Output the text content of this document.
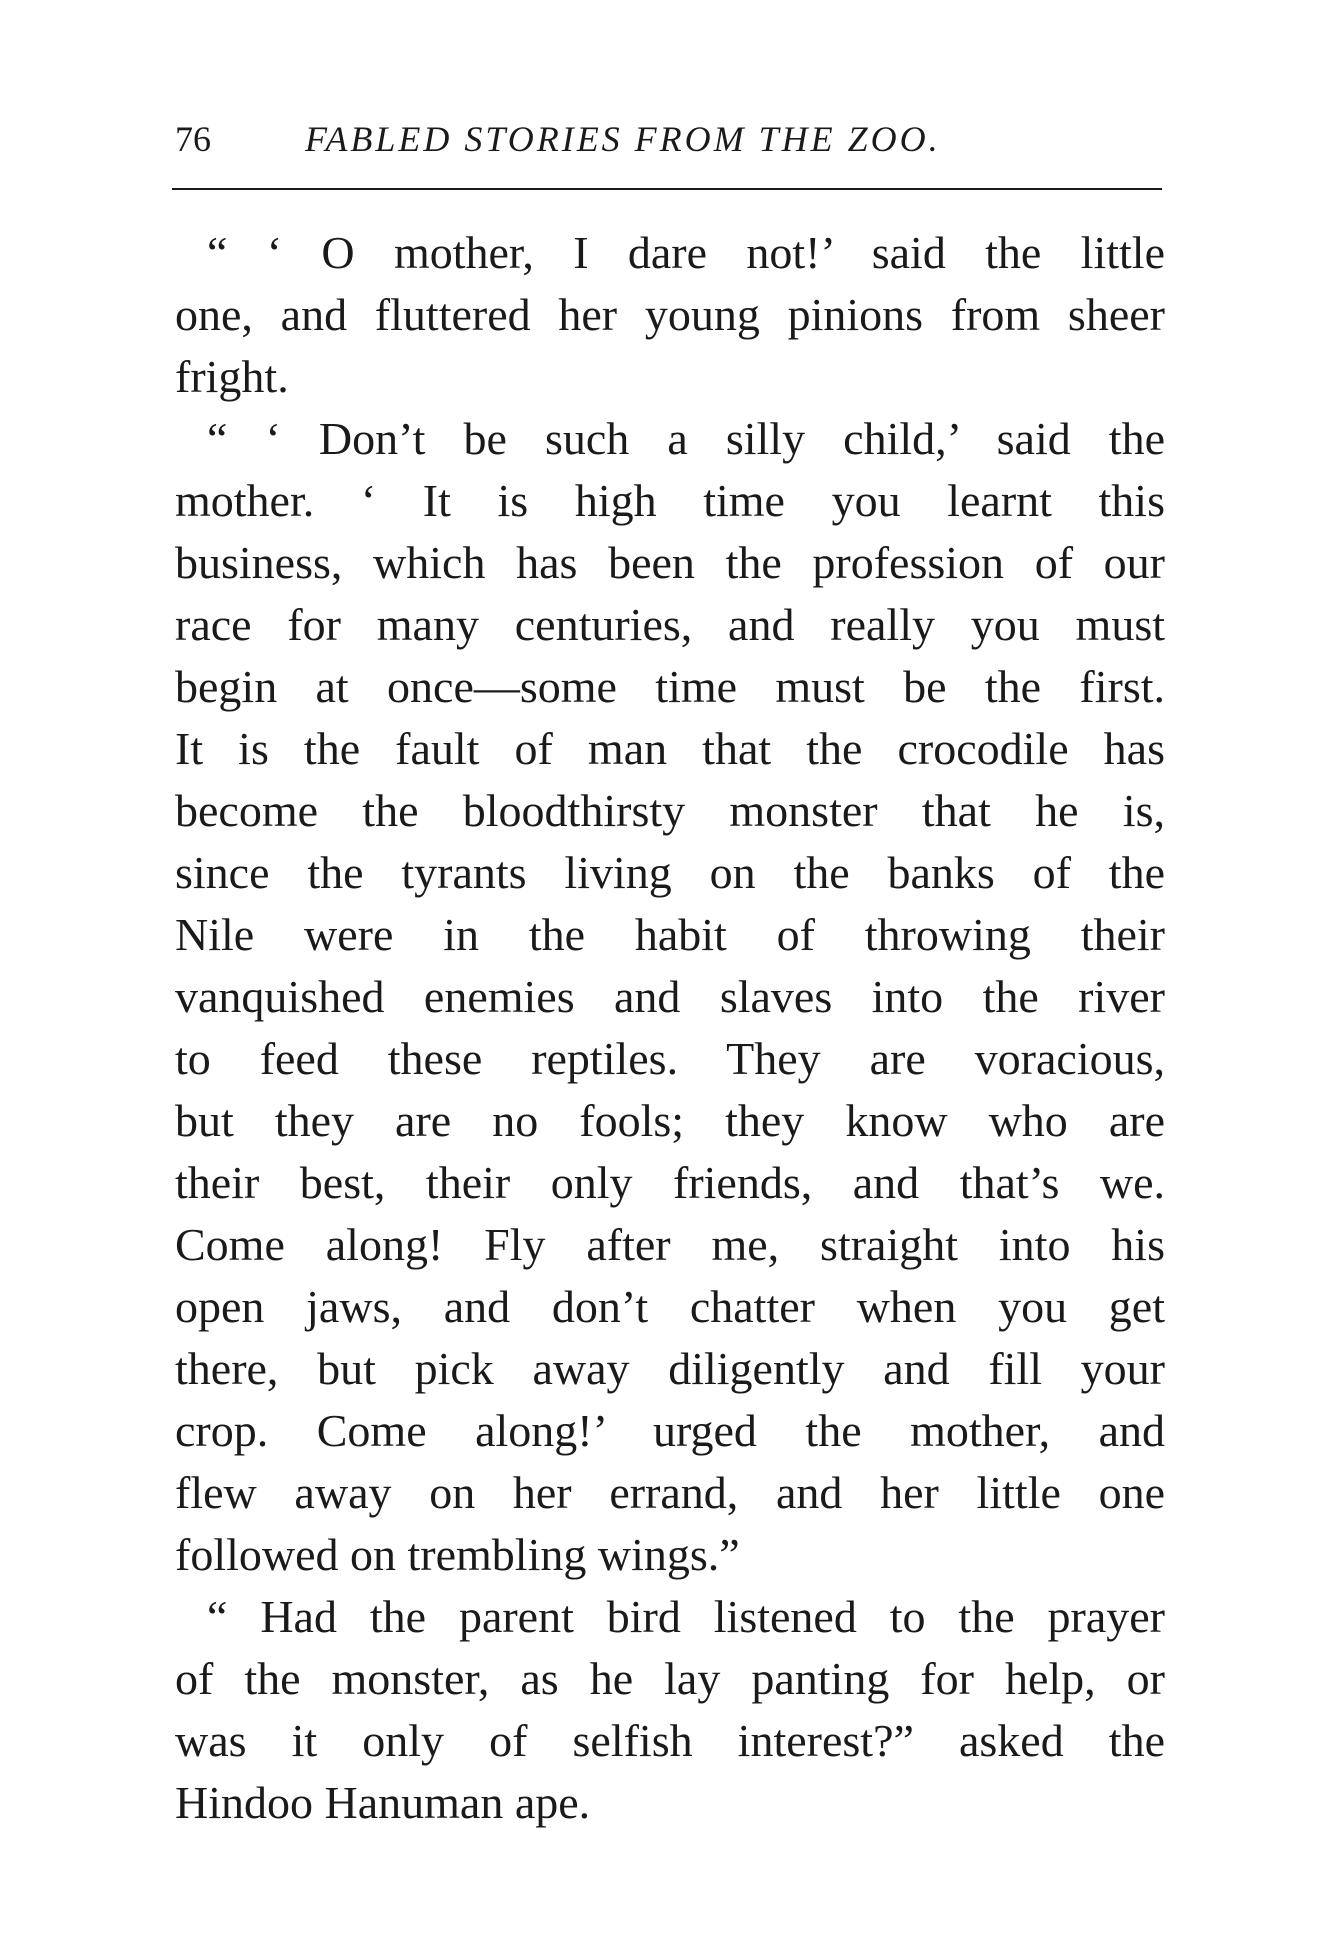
76	FABLED STORIES FROM THE ZOO.
“ ‘ O mother, I dare not!’ said the little
one, and fluttered her young pinions from sheer
fright.
“ ‘ Don’t be such a silly child,’ said the
mother. ‘ It is high time you learnt this
business, which has been the profession of our
race for many centuries, and really you must
begin at once—some time must be the first.
It is the fault of man that the crocodile has
become the bloodthirsty monster that he is,
since the tyrants living on the banks of the
Nile were in the habit of throwing their
vanquished enemies and slaves into the river
to feed these reptiles. They are voracious,
but they are no fools; they know who are
their best, their only friends, and that’s we.
Come along! Fly after me, straight into his
open jaws, and don’t chatter when you get
there, but pick away diligently and fill your
crop. Come along!’ urged the mother, and
flew away on her errand, and her little one
followed on trembling wings.”
“ Had the parent bird listened to the prayer
of the monster, as he lay panting for help, or
was it only of selfish interest?” asked the
Hindoo Hanuman ape.
